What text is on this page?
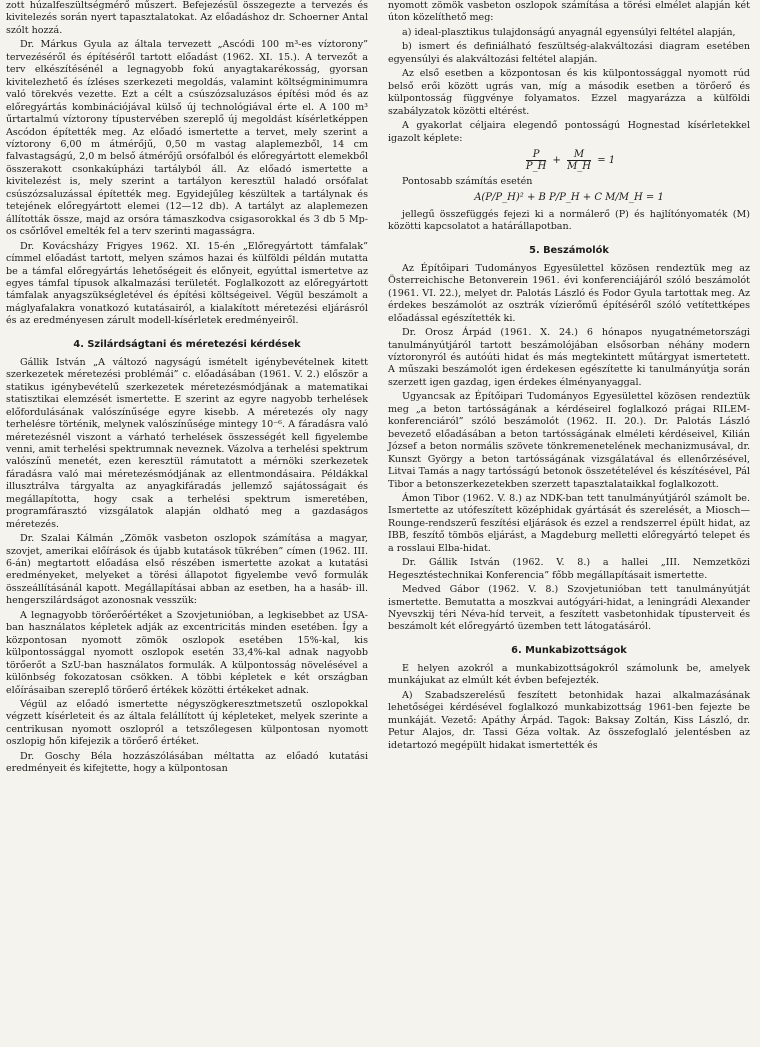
zott húzalfeszültségmérő műszert. Befejezésül összegezte a tervezés és kivitelezés során nyert tapasztalatokat. Az előadáshoz dr. Schoerner Antal szólt hozzá.

Dr. Márkus Gyula az általa tervezett „Ascódi 100 m³-es víztorony” tervezéséről és építéséről tartott előadást (1962. XI. 15.). A tervezőt a terv elkészítésénél a legnagyobb fokú anyagtakarékosság, gyorsan kivitelezhető és ízléses szerkezeti megoldás, valamint költségminimumra való törekvés vezette. Ezt a célt a csúszózsaluzásos építési mód és az előregyártás kombinációjával külső új technológiával érte el. A 100 m³ űrtartalmú víztorony típustervében szereplő új megoldást kísérletképpen Ascódon építették meg. Az előadó ismertette a tervet, mely szerint a víztorony 6,00 m átmérőjű, 0,50 m vastag alaplemezből, 14 cm falvastagságú, 2,0 m belső átmérőjű orsófalból és előregyártott elemekből összerakott csonkakúpházi tartályból áll. Az előadó ismertette a kivitelezést is, mely szerint a tartályon keresztül haladó orsófalat csúszózsaluzással építették meg. Egyidejűleg készültek a tartálynak és tetejének előregyártott elemei (12—12 db). A tartályt az alaplemezen állították össze, majd az orsóra támaszkodva csigasorokkal és 3 db 5 Mp-os csőrlővel emelték fel a terv szerinti magasságra.

Dr. Kovácsházy Frigyes 1962. XI. 15-én „Előregyártott támfalak” címmel előadást tartott, melyen számos hazai és külföldi példán mutatta be a támfal előregyártás lehetőségeit és előnyeit, egyúttal ismertetve az egyes támfal típusok alkalmazási területét. Foglalkozott az előregyártott támfalak anyagszükségletével és építési költségeivel. Végül beszámolt a máglyafalakra vonatkozó kutatásairól, a kialakított méretezési eljárásról és az eredményesen zárult modell-kísérletek eredményeiről.

4. Szilárdságtani és méretezési kérdések

Gállik István „A változó nagyságú ismételt igénybevételnek kitett szerkezetek méretezési problémái” c. előadásában (1961. V. 2.) először a statikus igénybevételű szerkezetek méretezésmódjának a matematikai statisztikai elemzését ismertette. E szerint az egyre nagyobb terhelések előfordulásának valószínűsége egyre kisebb. A méretezés oly nagy terhelésre történik, melynek valószínűsége mintegy 10⁻⁶. A fáradásra való méretezésnél viszont a várható terhelések összességét kell figyelembe venni, amit terhelési spektrumnak neveznek. Vázolva a terhelési spektrum valószínű menetét, ezen keresztül rámutatott a mérnöki szerkezetek fáradásra való mai méretezésmódjának az ellentmondásaira. Példákkal illusztrálva tárgyalta az anyagkifáradás jellemző sajátosságait és megállapította, hogy csak a terhelési spektrum ismeretében, programfárasztó vizsgálatok alapján oldható meg a gazdaságos méretezés.

Dr. Szalai Kálmán „Zömök vasbeton oszlopok számítása a magyar, szovjet, amerikai előírások és újabb kutatások tükrében” címen (1962. III. 6-án) megtartott előadása első részében ismertette azokat a kutatási eredményeket, melyeket a törési állapotot figyelembe vevő formulák összeállításánál kapott. Megállapításai abban az esetben, ha a hasáb- ill. hengerszilárdságot azonosnak vesszük:

A legnagyobb törőerőértéket a Szovjetunióban, a legkisebbet az USA-ban használatos képletek adják az excentricitás minden esetében. Így a központosan nyomott zömök oszlopok esetében 15%-kal, kis külpontossággal nyomott oszlopok esetén 33,4%-kal adnak nagyobb törőerőt a SzU-ban használatos formulák. A külpontosság növelésével a különbség fokozatosan csökken. A többi képletek e két országban előírásaiban szereplő törőerő értékek közötti értékeket adnak.

Végül az előadó ismertette négyszögkeresztmetszetű oszlopokkal végzett kísérleteit és az általa felállított új képleteket, melyek szerinte a centrikusan nyomott oszlopról a tetszőlegesen külpontosan nyomott oszlopig hőn kifejezik a törőerő értéket.

Dr. Goschy Béla hozzászólásában méltatta az előadó kutatási eredményeit és kifejtette, hogy a külpontosan

nyomott zömök vasbeton oszlopok számítása a törési elmélet alapján két úton közelíthető meg:

a) ideal-plasztikus tulajdonságú anyagnál egyensúlyi feltétel alapján,

b) ismert és definiálható feszültség-alakváltozási diagram esetében egyensúlyi és alakváltozási feltétel alapján.

Az első esetben a központosan és kis külpontossággal nyomott rúd belső erői között ugrás van, míg a második esetben a törőerő és külpontosság függvénye folyamatos. Ezzel magyarázza a külföldi szabályzatok közötti eltérést.

A gyakorlat céljaira elegendő pontosságú Hognestad kísérletekkel igazolt képlete:

$\frac{P}{P\_H} + \frac{M}{M\_H} = 1$

Pontosabb számítás esetén

A(P/P_H)² + B P/P_H + C M/M_H = 1

jellegű összefüggés fejezi ki a normálerő (P) és hajlítónyomaték (M) közötti kapcsolatot a határállapotban.

5. Beszámolók

Az Építőipari Tudományos Egyesülettel közösen rendeztük meg az Österreichische Betonverein 1961. évi konferenciájáról szóló beszámolót (1961. VI. 22.), melyet dr. Palotás László és Fodor Gyula tartottak meg. Az érdekes beszámolót az osztrák vízierőmű építéséről szóló vetítettképes előadással egészítették ki.

Dr. Orosz Árpád (1961. X. 24.) 6 hónapos nyugatnémetországi tanulmányútjáról tartott beszámolójában elsősorban néhány modern víztoronyról és autóúti hidat és más megtekintett műtárgyat ismertetett. A műszaki beszámolót igen érdekesen egészítette ki tanulmányútja során szerzett igen gazdag, igen érdekes élményanyaggal.

Ugyancsak az Építőipari Tudományos Egyesülettel közösen rendeztük meg „a beton tartósságának a kérdéseirel foglalkozó prágai RILEM-konferenciáról” szóló beszámolót (1962. II. 20.). Dr. Palotás László bevezető előadásában a beton tartósságának elméleti kérdéseivel, Kilián József a beton normális szövete tönkremenetelének mechanizmusával, dr. Kunszt György a beton tartósságának vizsgálatával és ellenőrzésével, Litvai Tamás a nagy tartósságú betonok összetételével és készítésével, Pál Tibor a betonszerkezetekben szerzett tapasztalataikkal foglalkozott.

Ámon Tibor (1962. V. 8.) az NDK-ban tett tanulmányútjáról számolt be. Ismertette az utófeszített középhidak gyártását és szerelését, a Miosch—Rounge-rendszerű feszítési eljárások és ezzel a rendszerrel épült hidat, az IBB, feszítő tömbös eljárást, a Magdeburg melletti előregyártó telepet és a rosslaui Elba-hidat.

Dr. Gállik István (1962. V. 8.) a hallei „III. Nemzetközi Hegesztéstechnikai Konferencia” főbb megállapításait ismertette.

Medved Gábor (1962. V. 8.) Szovjetunióban tett tanulmányútját ismertette. Bemutatta a moszkvai autógyári-hidat, a leningrádi Alexander Nyevszkij téri Néva-híd terveit, a feszített vasbetonhidak típusterveit és beszámolt két előregyártó üzemben tett látogatásáról.

6. Munkabizottságok

E helyen azokról a munkabizottságokról számolunk be, amelyek munkájukat az elmúlt két évben befejezték.

A) Szabadszerelésű feszített betonhidak hazai alkalmazásának lehetőségei kérdésével foglalkozó munkabizottság 1961-ben fejezte be munkáját. Vezető: Apáthy Árpád. Tagok: Baksay Zoltán, Kiss László, dr. Petur Alajos, dr. Tassi Géza voltak. Az összefoglaló jelentésben az idetartozó megépült hidakat ismertették és
